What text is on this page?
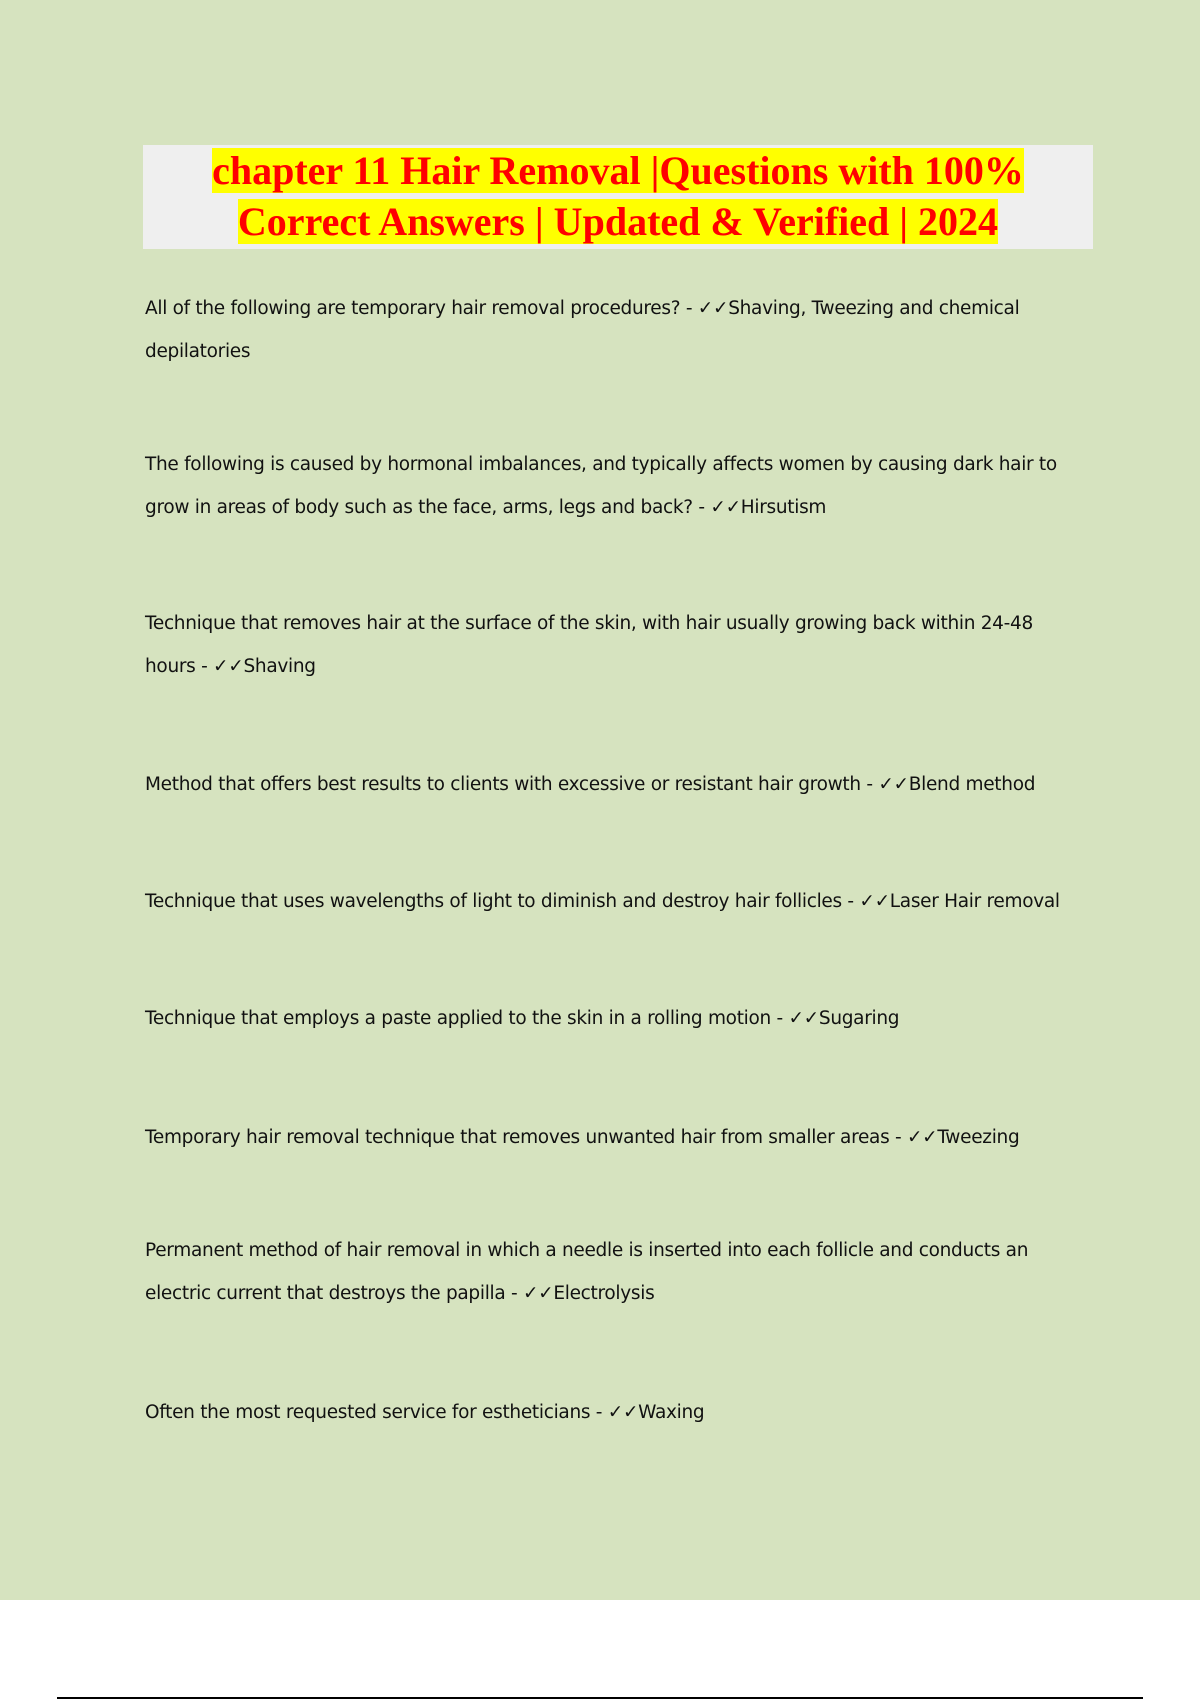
chapter 11 Hair Removal |Questions with 100% Correct Answers | Updated & Verified | 2024

All of the following are temporary hair removal procedures? - ✓✓Shaving, Tweezing and chemical depilatories

The following is caused by hormonal imbalances, and typically affects women by causing dark hair to grow in areas of body such as the face, arms, legs and back? - ✓✓Hirsutism

Technique that removes hair at the surface of the skin, with hair usually growing back within 24-48 hours - ✓✓Shaving

Method that offers best results to clients with excessive or resistant hair growth - ✓✓Blend method

Technique that uses wavelengths of light to diminish and destroy hair follicles - ✓✓Laser Hair removal

Technique that employs a paste applied to the skin in a rolling motion - ✓✓Sugaring

Temporary hair removal technique that removes unwanted hair from smaller areas - ✓✓Tweezing

Permanent method of hair removal in which a needle is inserted into each follicle and conducts an electric current that destroys the papilla - ✓✓Electrolysis

Often the most requested service for estheticians - ✓✓Waxing
